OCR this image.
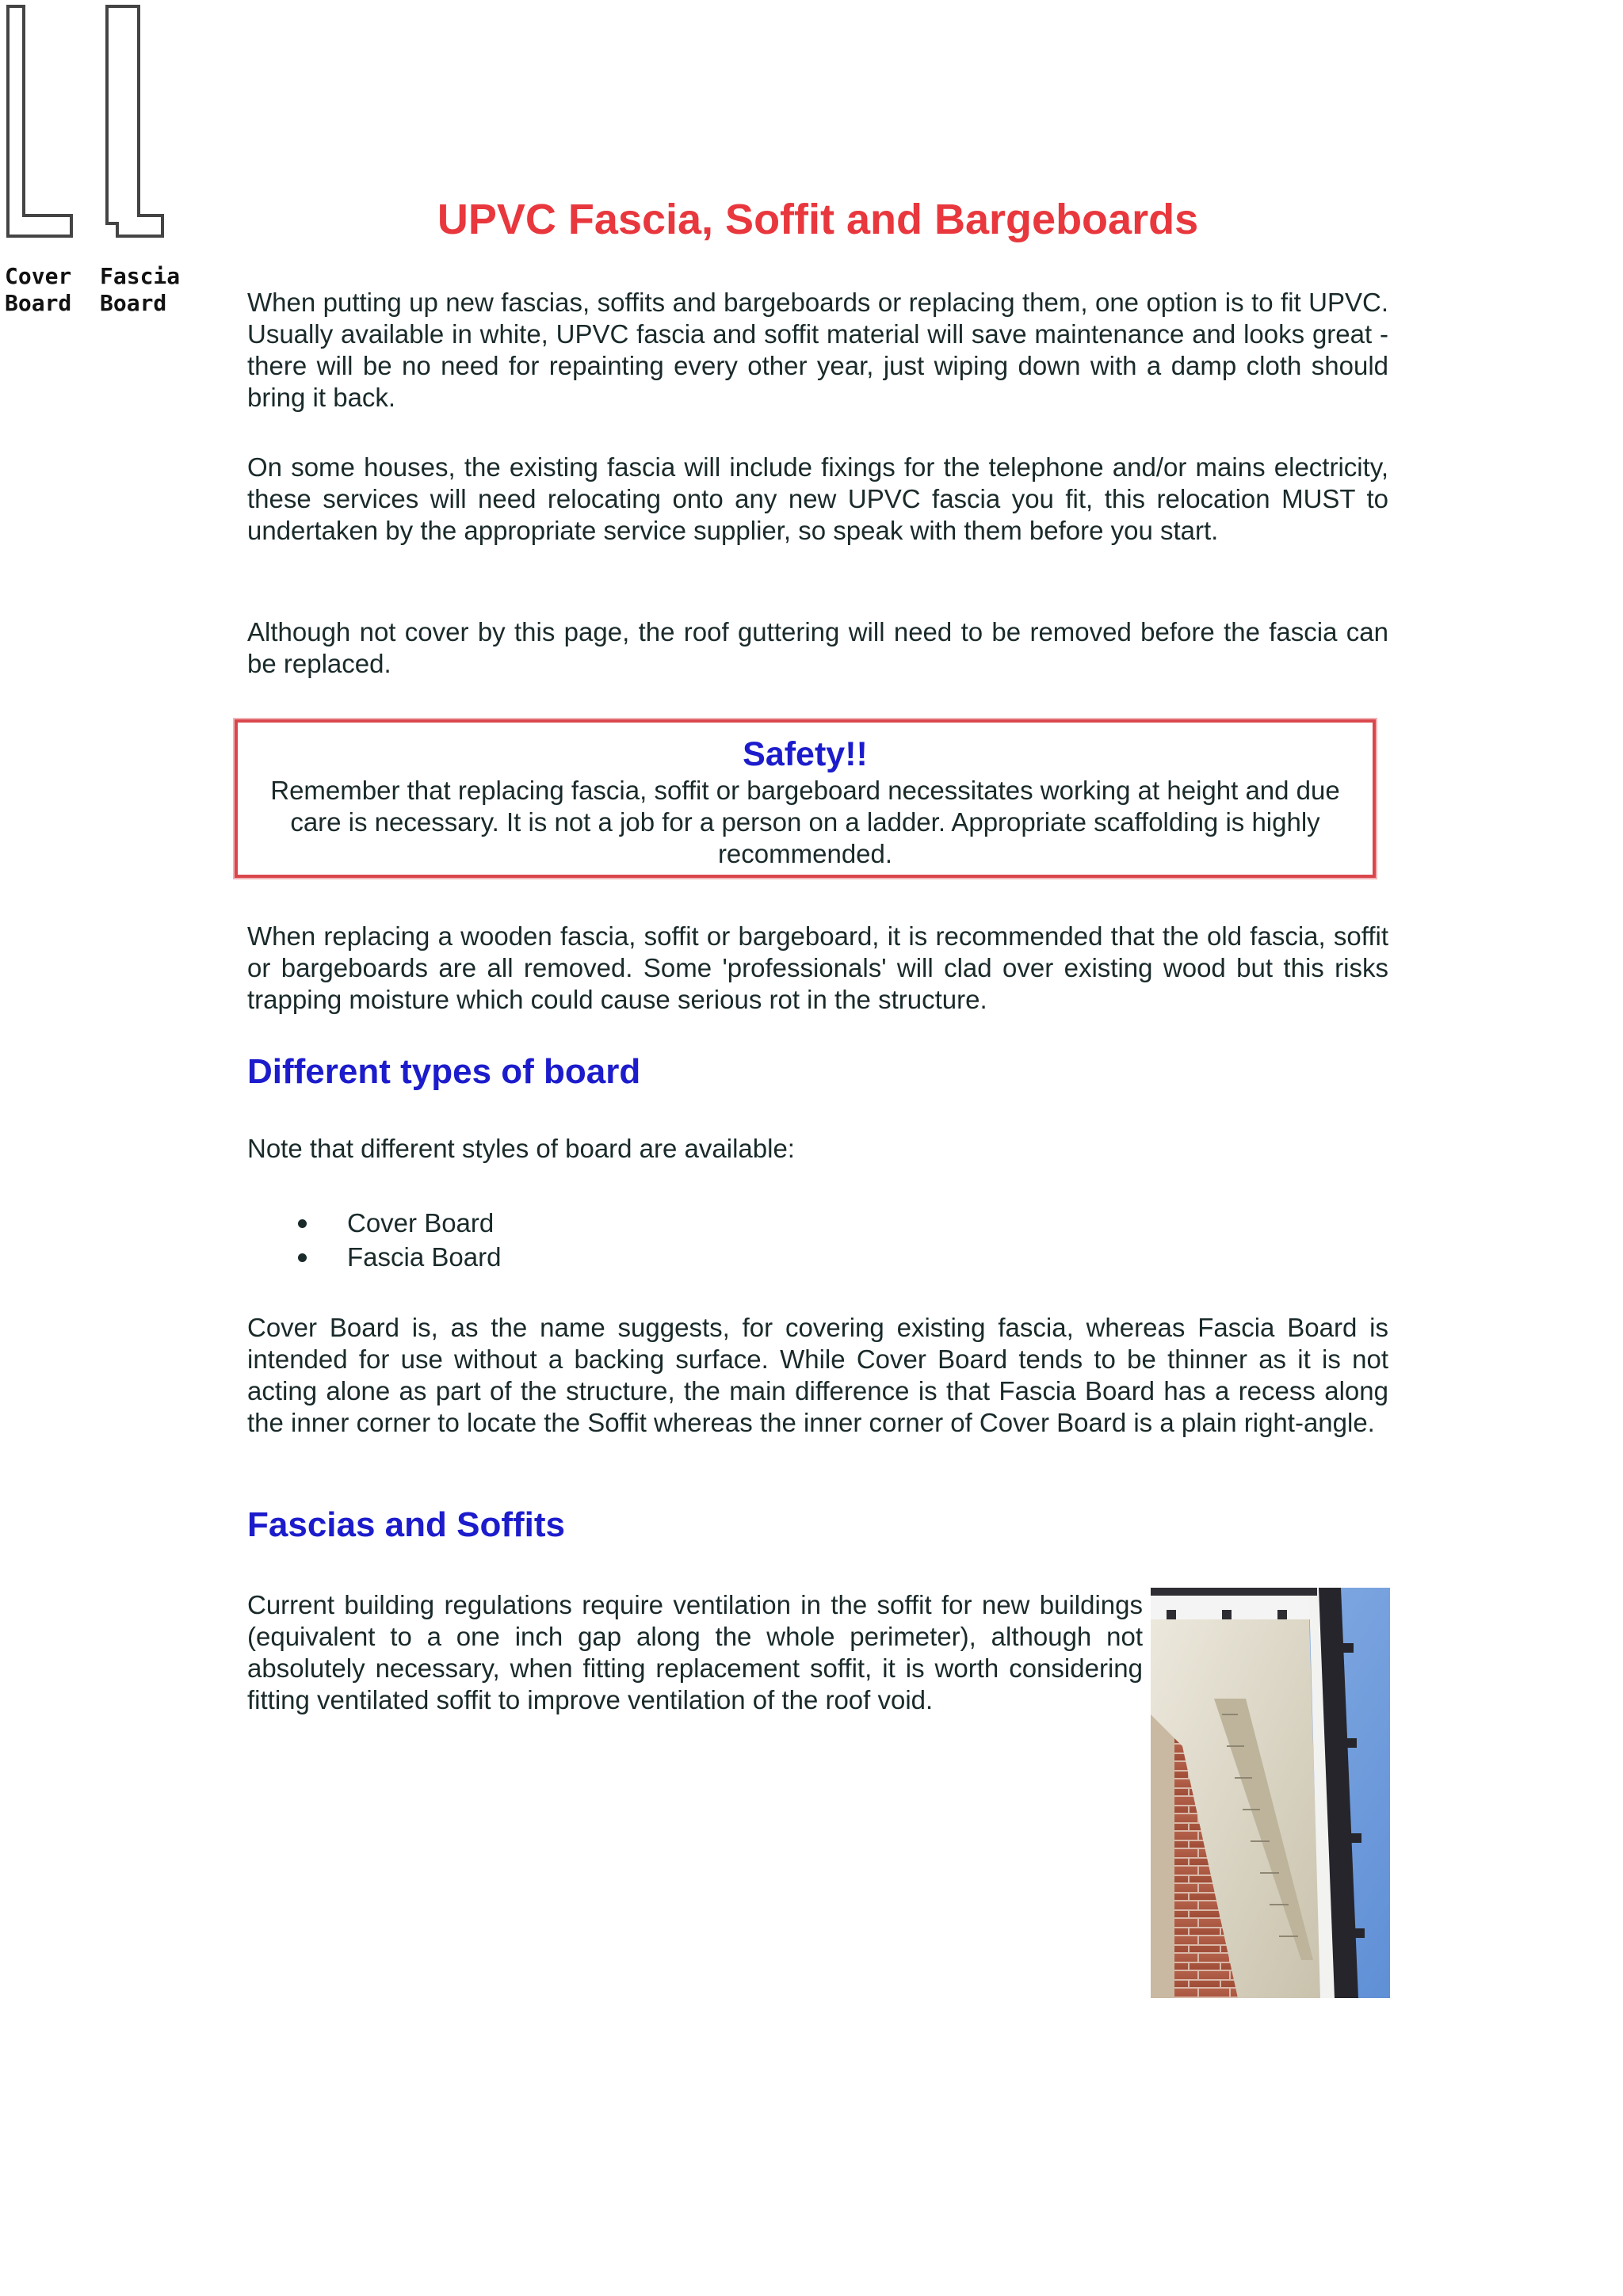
Cover
Board
Fascia
Board
UPVC Fascia, Soffit and Bargeboards

When putting up new fascias, soffits and bargeboards or replacing them, one option is to fit UPVC. Usually available in white, UPVC fascia and soffit material will save maintenance and looks great - there will be no need for repainting every other year, just wiping down with a damp cloth should bring it back.

On some houses, the existing fascia will include fixings for the telephone and/or mains electricity, these services will need relocating onto any new UPVC fascia you fit, this relocation MUST to undertaken by the appropriate service supplier, so speak with them before you start.

Although not cover by this page, the roof guttering will need to be removed before the fascia can be replaced.

Safety!!
Remember that replacing fascia, soffit or bargeboard necessitates working at height and due care is necessary. It is not a job for a person on a ladder. Appropriate scaffolding is highly recommended.

When replacing a wooden fascia, soffit or bargeboard, it is recommended that the old fascia, soffit or bargeboards are all removed. Some 'professionals' will clad over existing wood but this risks trapping moisture which could cause serious rot in the structure.

Different types of board

Note that different styles of board are available:

Cover Board
Fascia Board

Cover Board is, as the name suggests, for covering existing fascia, whereas Fascia Board is intended for use without a backing surface. While Cover Board tends to be thinner as it is not acting alone as part of the structure, the main difference is that Fascia Board has a recess along the inner corner to locate the Soffit whereas the inner corner of Cover Board is a plain right-angle.

Fascias and Soffits

Current building regulations require ventilation in the soffit for new buildings (equivalent to a one inch gap along the whole perimeter), although not absolutely necessary, when fitting replacement soffit, it is worth considering fitting ventilated soffit to improve ventilation of the roof void.
